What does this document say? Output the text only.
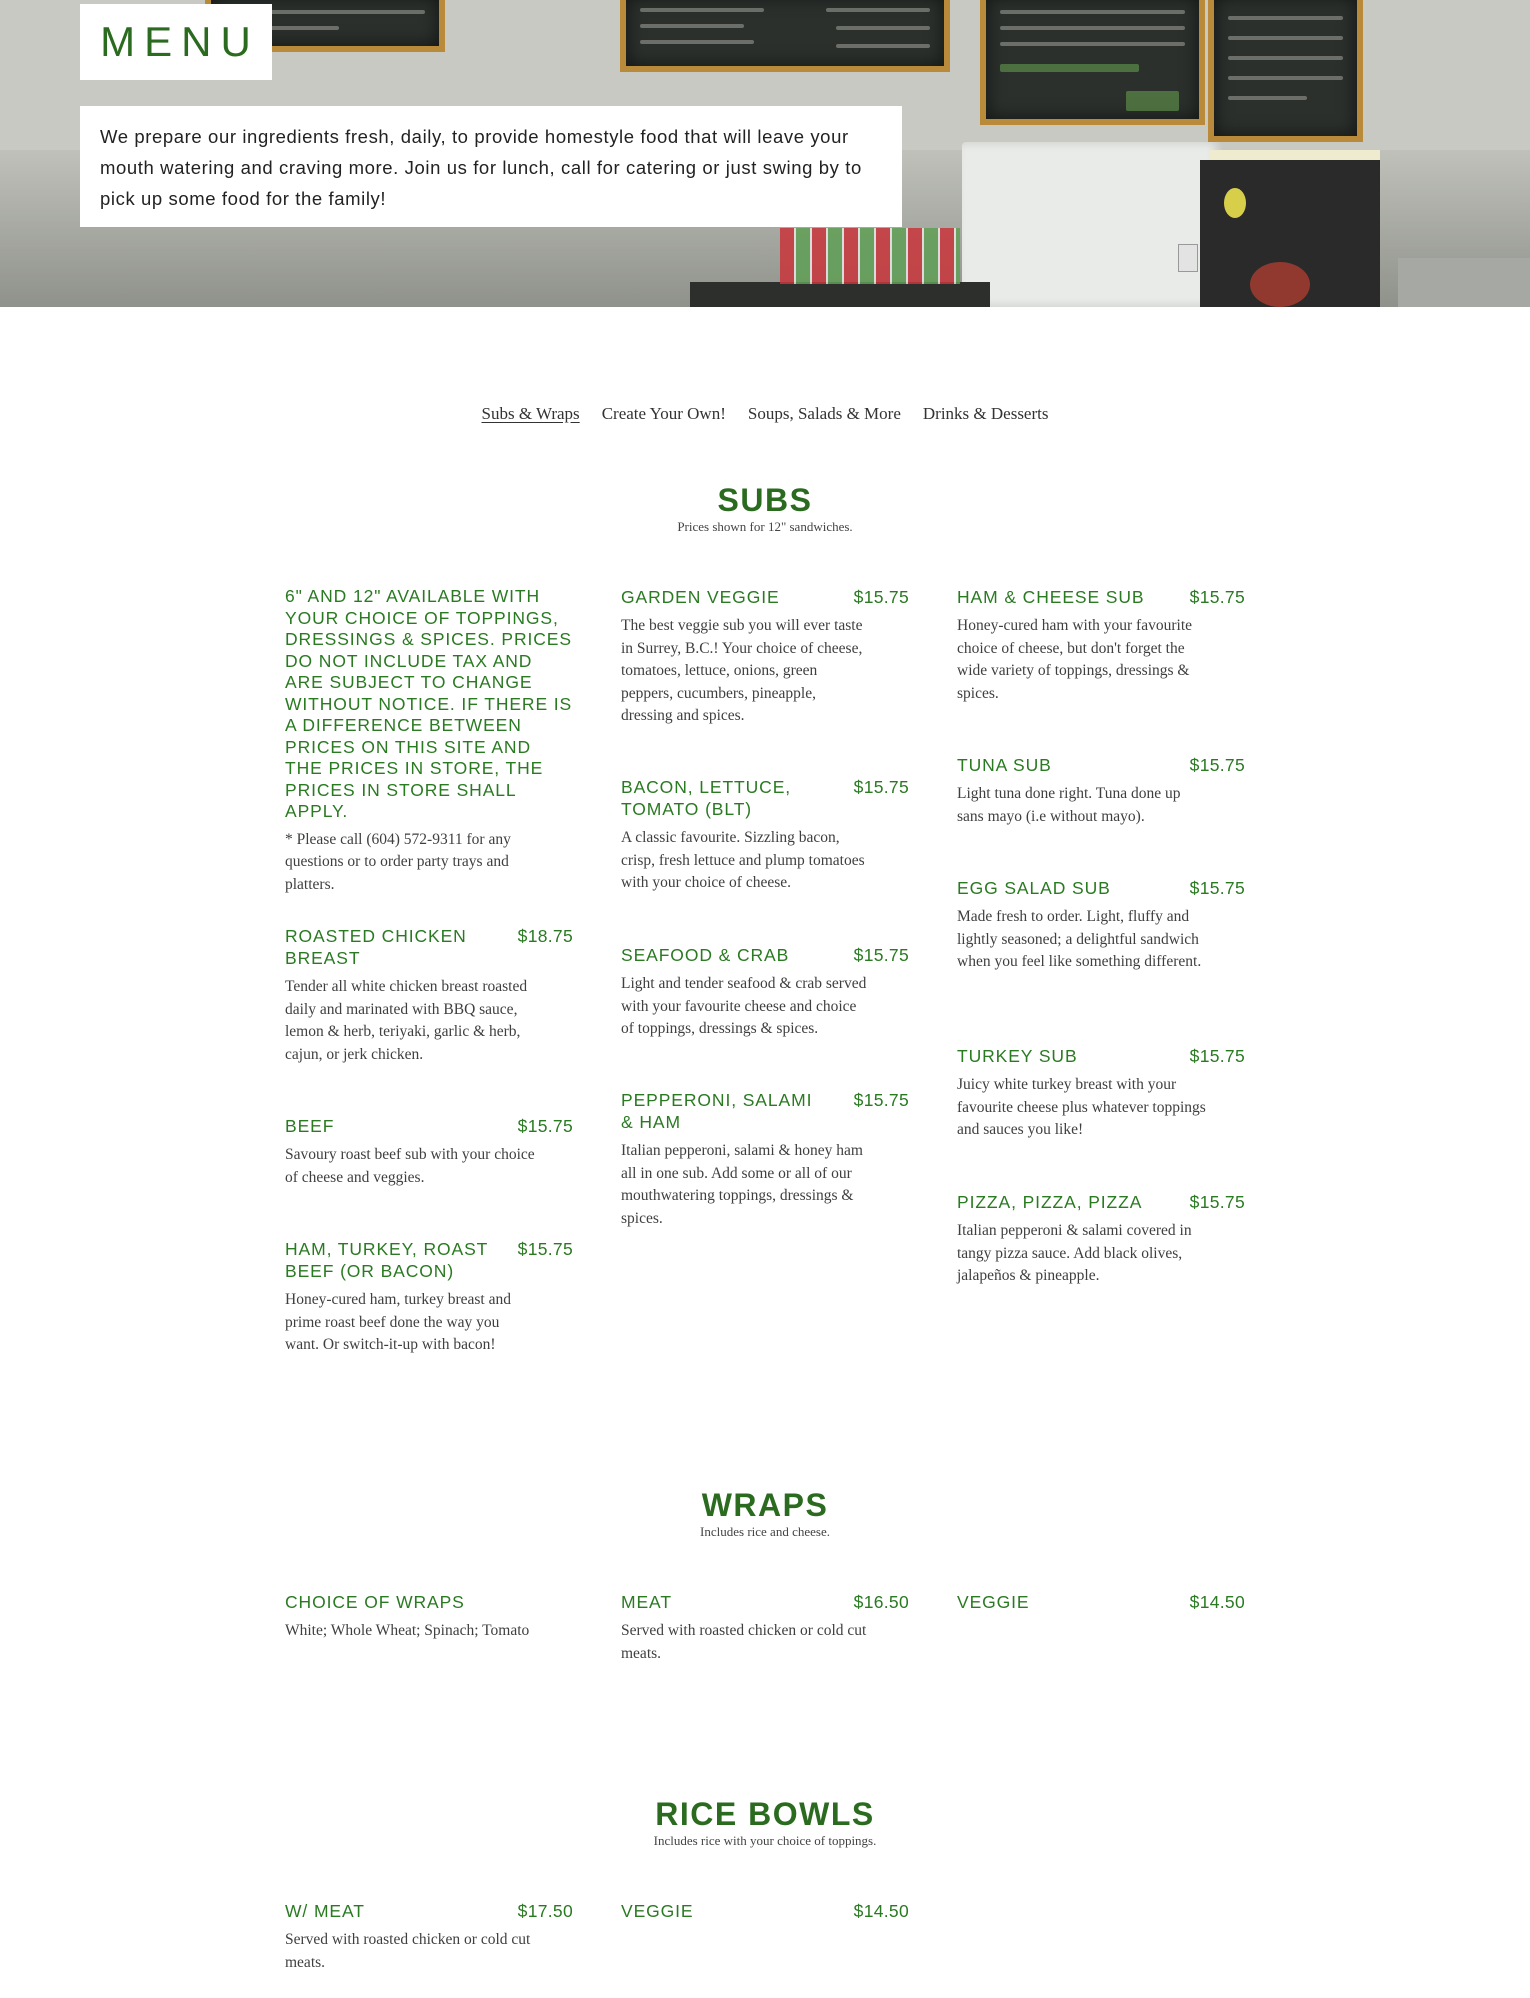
MENU

We prepare our ingredients fresh, daily, to provide homestyle food that will leave your mouth watering and craving more. Join us for lunch, call for catering or just swing by to pick up some food for the family!

Subs & Wraps Create Your Own! Soups, Salads & More Drinks & Desserts
SUBS

Prices shown for 12" sandwiches.

6" AND 12" AVAILABLE WITH YOUR CHOICE OF TOPPINGS, DRESSINGS & SPICES. PRICES DO NOT INCLUDE TAX AND ARE SUBJECT TO CHANGE WITHOUT NOTICE. IF THERE IS A DIFFERENCE BETWEEN PRICES ON THIS SITE AND THE PRICES IN STORE, THE PRICES IN STORE SHALL APPLY.

* Please call (604) 572-9311 for any questions or to order party trays and platters.

ROASTED CHICKEN BREAST
$18.75

Tender all white chicken breast roasted daily and marinated with BBQ sauce, lemon & herb, teriyaki, garlic & herb, cajun, or jerk chicken.

BEEF	$15.75

Savoury roast beef sub with your choice of cheese and veggies.

HAM, TURKEY, ROAST BEEF (OR BACON)
$15.75

Honey-cured ham, turkey breast and prime roast beef done the way you want. Or switch-it-up with bacon!

GARDEN VEGGIE	$15.75

The best veggie sub you will ever taste in Surrey, B.C.! Your choice of cheese, tomatoes, lettuce, onions, green peppers, cucumbers, pineapple, dressing and spices.

BACON, LETTUCE, TOMATO (BLT)
$15.75

A classic favourite. Sizzling bacon, crisp, fresh lettuce and plump tomatoes with your choice of cheese.

SEAFOOD & CRAB	$15.75

Light and tender seafood & crab served with your favourite cheese and choice of toppings, dressings & spices.

PEPPERONI, SALAMI & HAM
$15.75

Italian pepperoni, salami & honey ham all in one sub. Add some or all of our mouthwatering toppings, dressings & spices.

HAM & CHEESE SUB	$15.75

Honey-cured ham with your favourite choice of cheese, but don't forget the wide variety of toppings, dressings & spices.

TUNA SUB	$15.75

Light tuna done right. Tuna done up sans mayo (i.e without mayo).

EGG SALAD SUB	$15.75

Made fresh to order. Light, fluffy and lightly seasoned; a delightful sandwich when you feel like something different.

TURKEY SUB	$15.75

Juicy white turkey breast with your favourite cheese plus whatever toppings and sauces you like!

PIZZA, PIZZA, PIZZA	$15.75

Italian pepperoni & salami covered in tangy pizza sauce. Add black olives, jalapeños & pineapple.

WRAPS

Includes rice and cheese.

CHOICE OF WRAPS

White; Whole Wheat; Spinach; Tomato

MEAT	$16.50

Served with roasted chicken or cold cut meats.

VEGGIE	$14.50
RICE BOWLS

Includes rice with your choice of toppings.

W/ MEAT	$17.50

Served with roasted chicken or cold cut meats.

VEGGIE	$14.50
